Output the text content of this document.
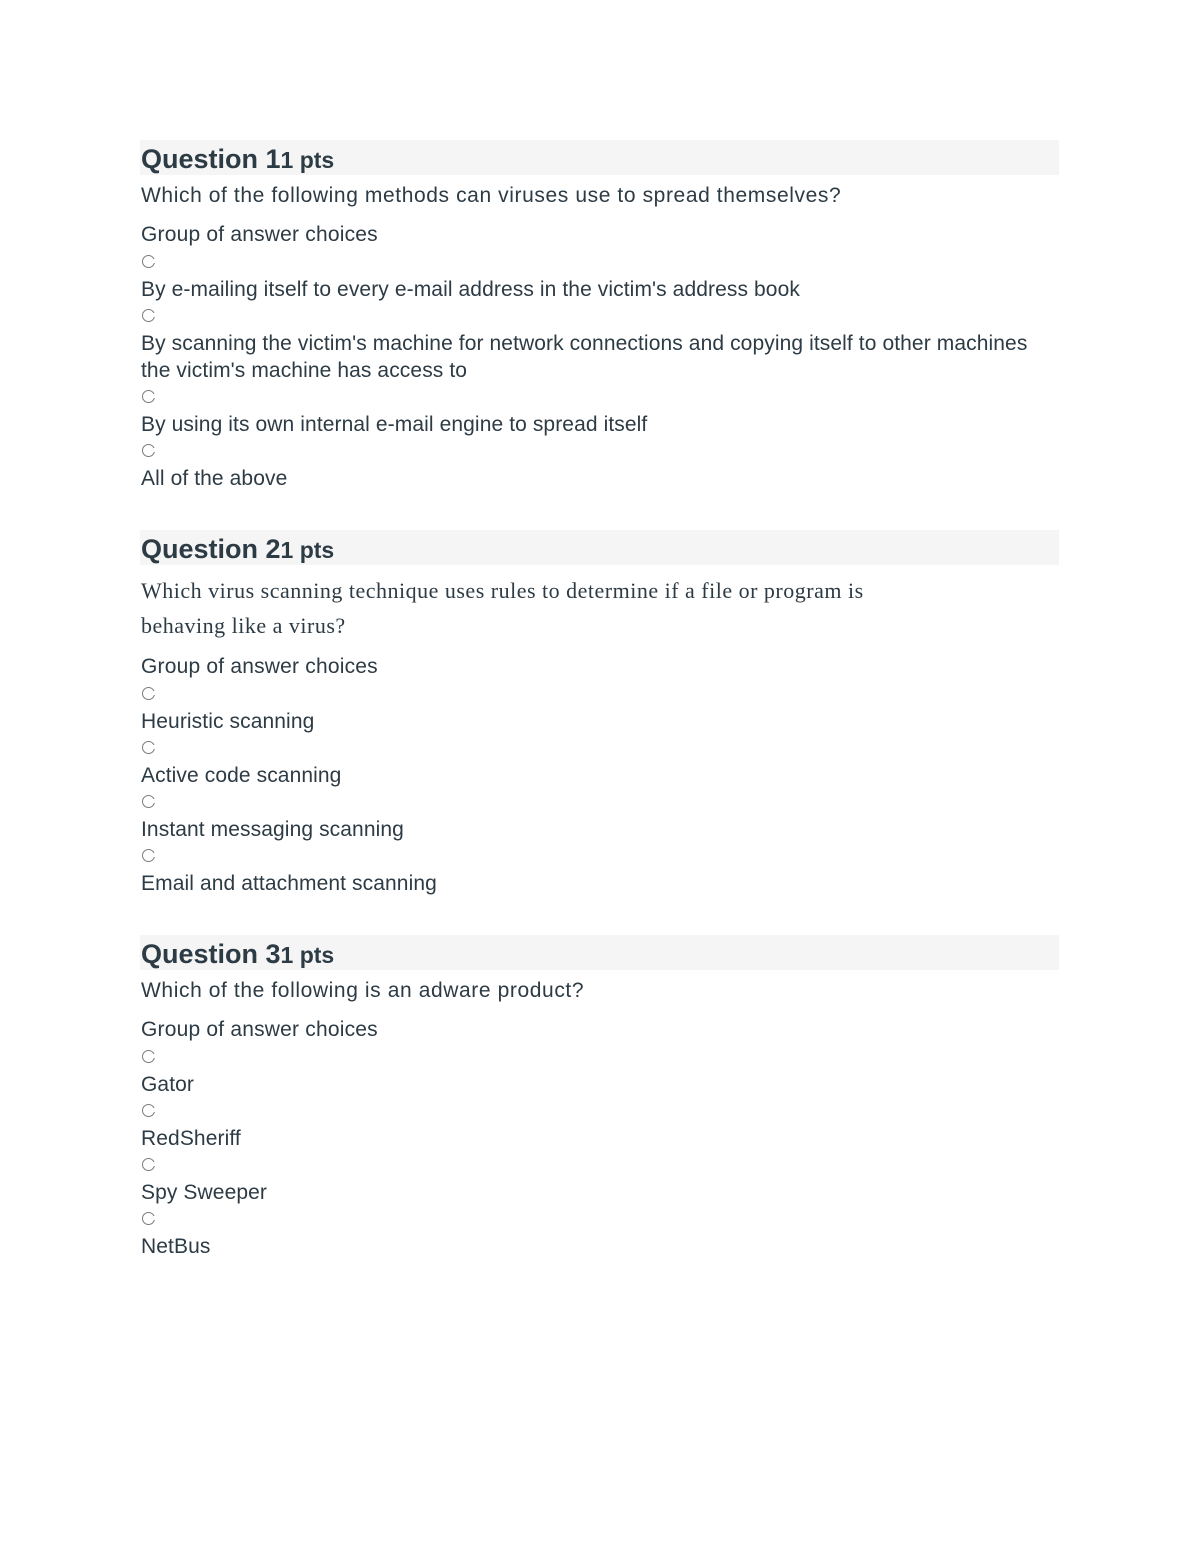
Question 1 1 pts
Which of the following methods can viruses use to spread themselves?
Group of answer choices
By e-mailing itself to every e-mail address in the victim's address book
By scanning the victim's machine for network connections and copying itself to other machines the victim's machine has access to
By using its own internal e-mail engine to spread itself
All of the above
Question 2 1 pts
Which virus scanning technique uses rules to determine if a file or program is behaving like a virus?
Group of answer choices
Heuristic scanning
Active code scanning
Instant messaging scanning
Email and attachment scanning
Question 3 1 pts
Which of the following is an adware product?
Group of answer choices
Gator
RedSheriff
Spy Sweeper
NetBus
